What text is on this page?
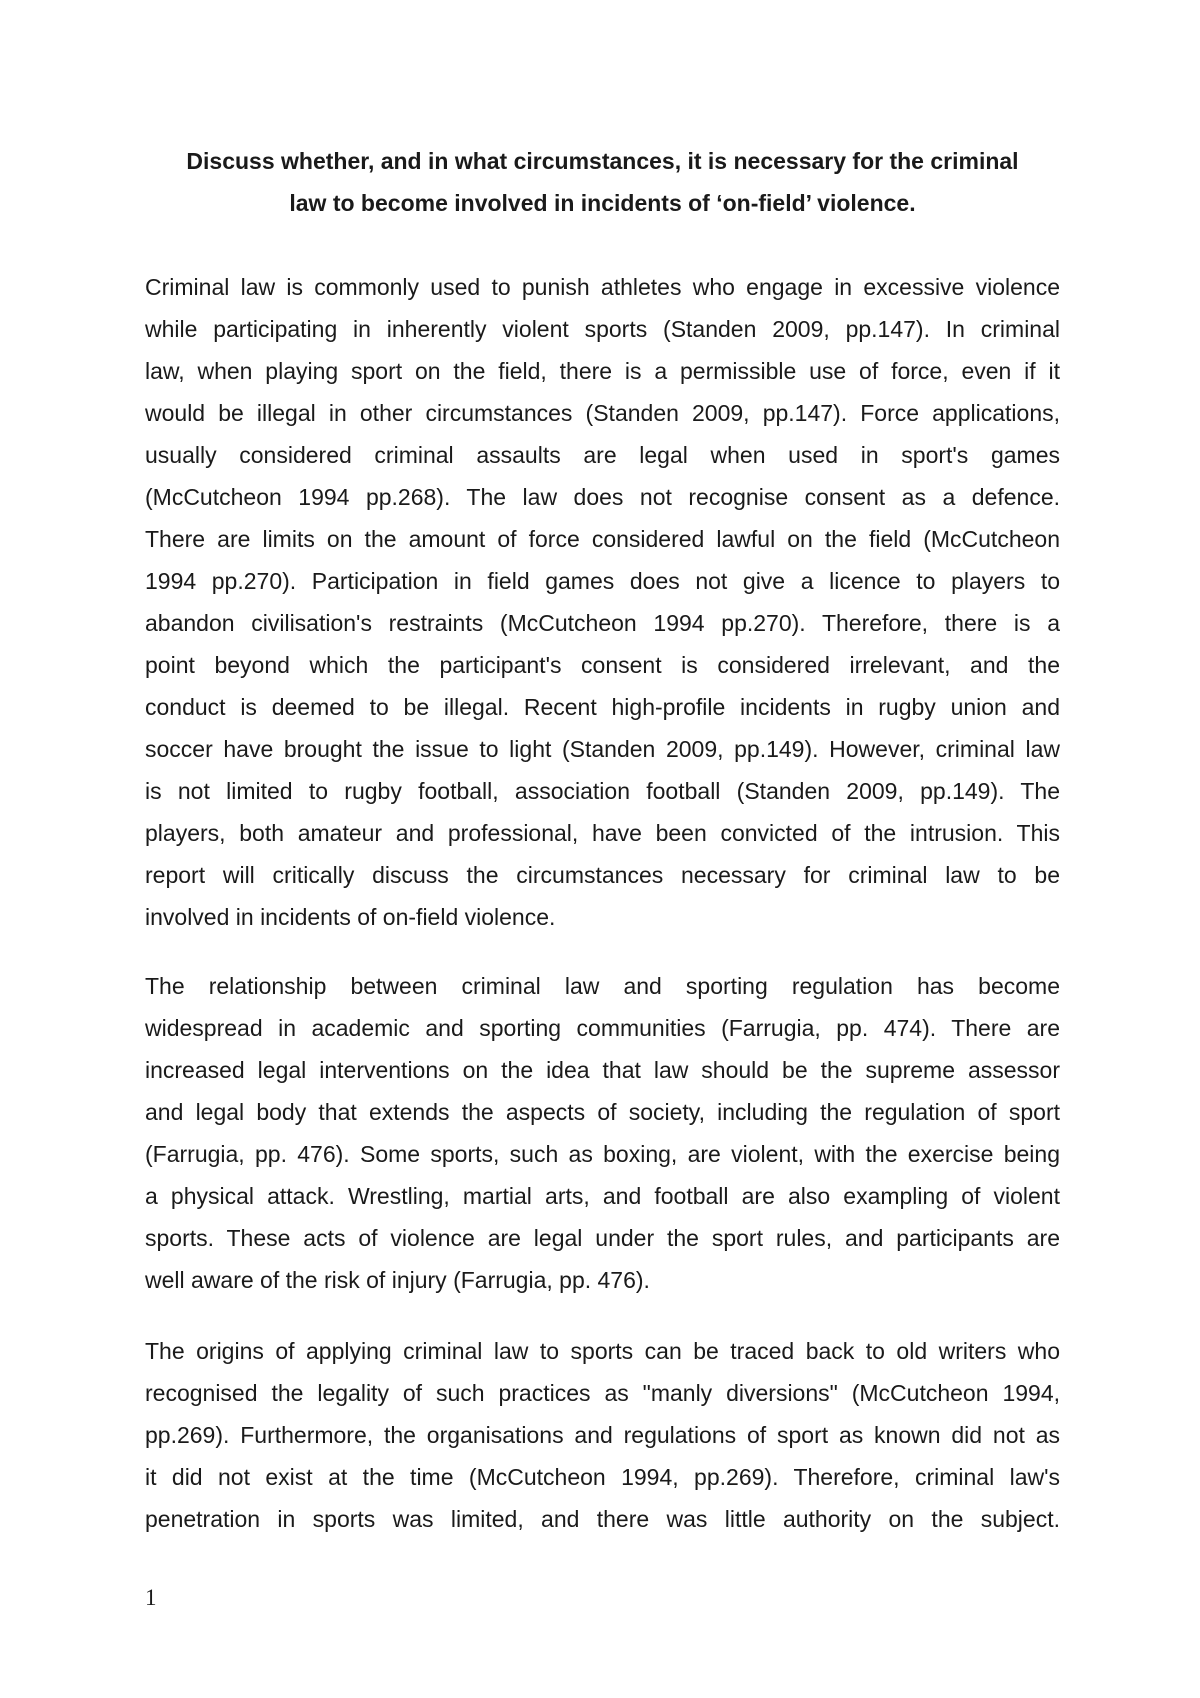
Discuss whether, and in what circumstances, it is necessary for the criminal
law to become involved in incidents of ‘on-field’ violence.
Criminal law is commonly used to punish athletes who engage in excessive violence
while participating in inherently violent sports (Standen 2009, pp.147). In criminal
law, when playing sport on the field, there is a permissible use of force, even if it
would be illegal in other circumstances (Standen 2009, pp.147). Force applications,
usually considered criminal assaults are legal when used in sport's games
(McCutcheon 1994 pp.268). The law does not recognise consent as a defence.
There are limits on the amount of force considered lawful on the field (McCutcheon
1994 pp.270). Participation in field games does not give a licence to players to
abandon civilisation's restraints (McCutcheon 1994 pp.270). Therefore, there is a
point beyond which the participant's consent is considered irrelevant, and the
conduct is deemed to be illegal. Recent high-profile incidents in rugby union and
soccer have brought the issue to light (Standen 2009, pp.149). However, criminal law
is not limited to rugby football, association football (Standen 2009, pp.149). The
players, both amateur and professional, have been convicted of the intrusion. This
report will critically discuss the circumstances necessary for criminal law to be
involved in incidents of on-field violence.
The relationship between criminal law and sporting regulation has become
widespread in academic and sporting communities (Farrugia, pp. 474). There are
increased legal interventions on the idea that law should be the supreme assessor
and legal body that extends the aspects of society, including the regulation of sport
(Farrugia, pp. 476). Some sports, such as boxing, are violent, with the exercise being
a physical attack. Wrestling, martial arts, and football are also exampling of violent
sports. These acts of violence are legal under the sport rules, and participants are
well aware of the risk of injury (Farrugia, pp. 476).
The origins of applying criminal law to sports can be traced back to old writers who
recognised the legality of such practices as "manly diversions" (McCutcheon 1994,
pp.269). Furthermore, the organisations and regulations of sport as known did not as
it did not exist at the time (McCutcheon 1994, pp.269). Therefore, criminal law's
penetration in sports was limited, and there was little authority on the subject.
1
